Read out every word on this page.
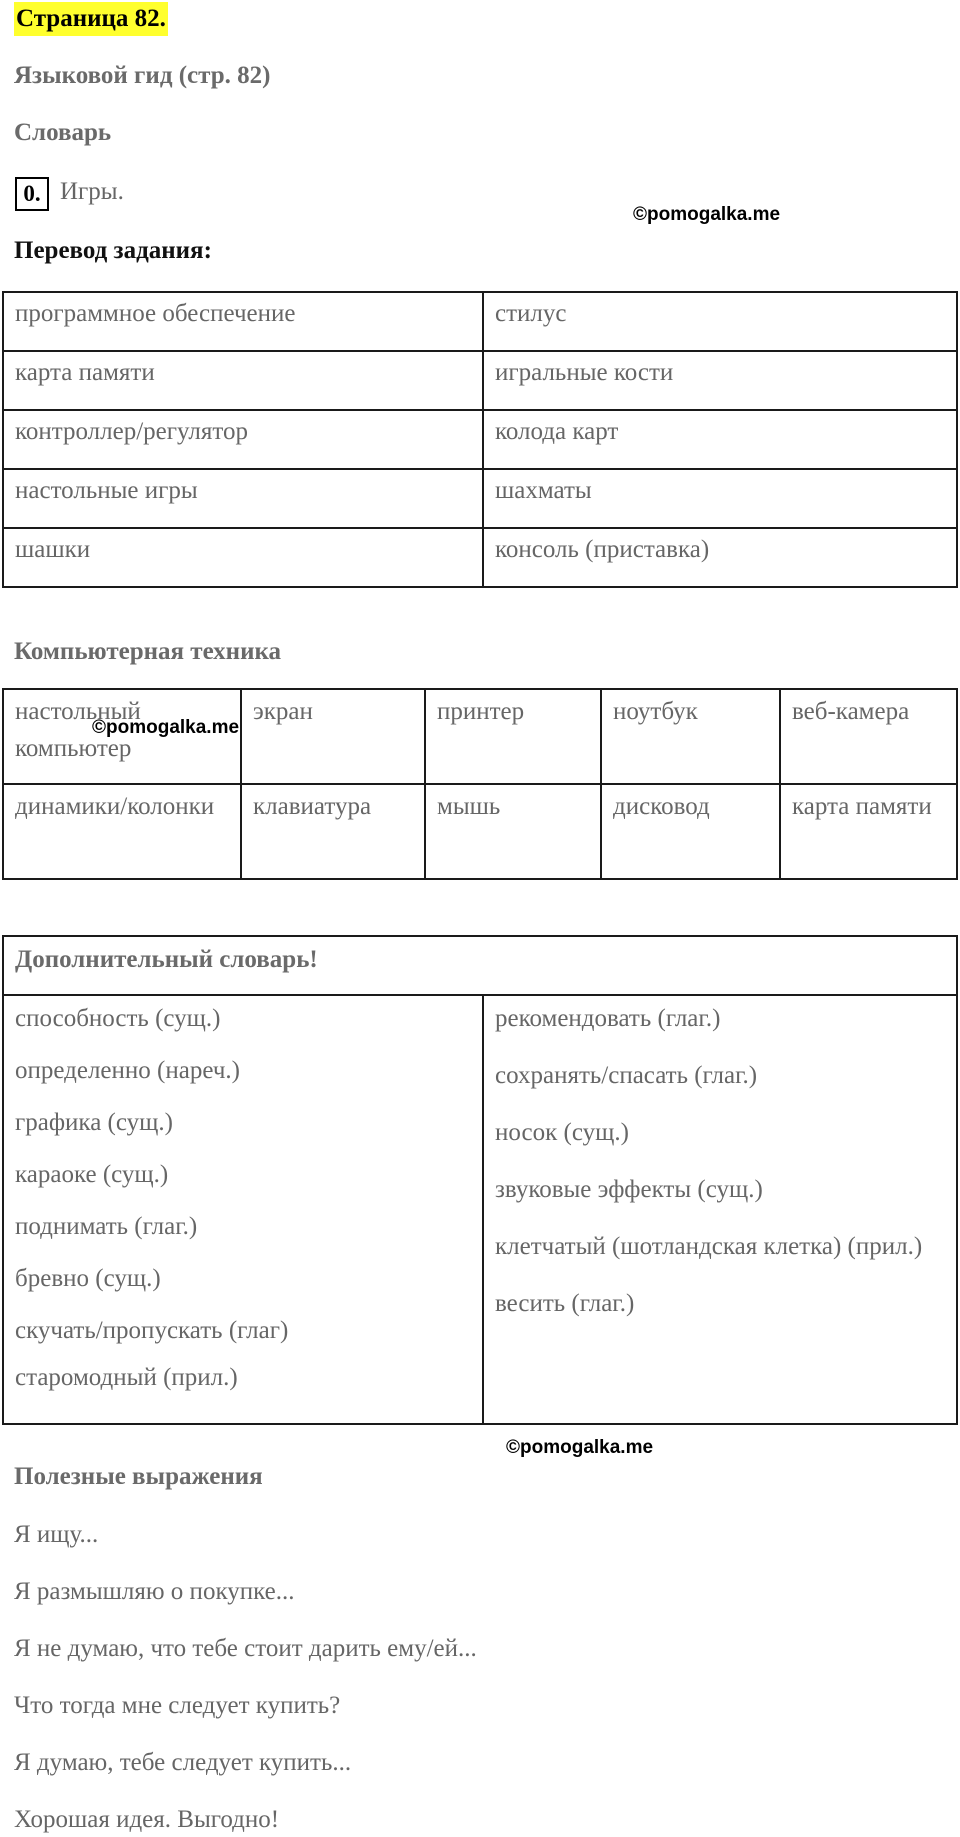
Страница 82.
Языковой гид (стр. 82)
Словарь
0. Игры.
©pomogalka.me
Перевод задания:
программное обеспечение	стилус
карта памяти	игральные кости
контроллер/регулятор	колода карт
настольные игры	шахматы
шашки	консоль (приставка)
Компьютерная техника
настольный компьютер	экран	принтер	ноутбук	веб-камера
динамики/колонки	клавиатура	мышь	дисковод	карта памяти
©pomogalka.me
Дополнительный словарь!

способность (сущ.)
определенно (нареч.)
графика (сущ.)
караоке (сущ.)
поднимать (глаг.)
бревно (сущ.)
скучать/пропускать (глаг)
старомодный (прил.)

рекомендовать (глаг.)
сохранять/спасать (глаг.)
носок (сущ.)
звуковые эффекты (сущ.)
клетчатый (шотландская клетка) (прил.)
весить (глаг.)
©pomogalka.me
Полезные выражения
Я ищу...
Я размышляю о покупке...
Я не думаю, что тебе стоит дарить ему/ей...
Что тогда мне следует купить?
Я думаю, тебе следует купить...
Хорошая идея. Выгодно!
